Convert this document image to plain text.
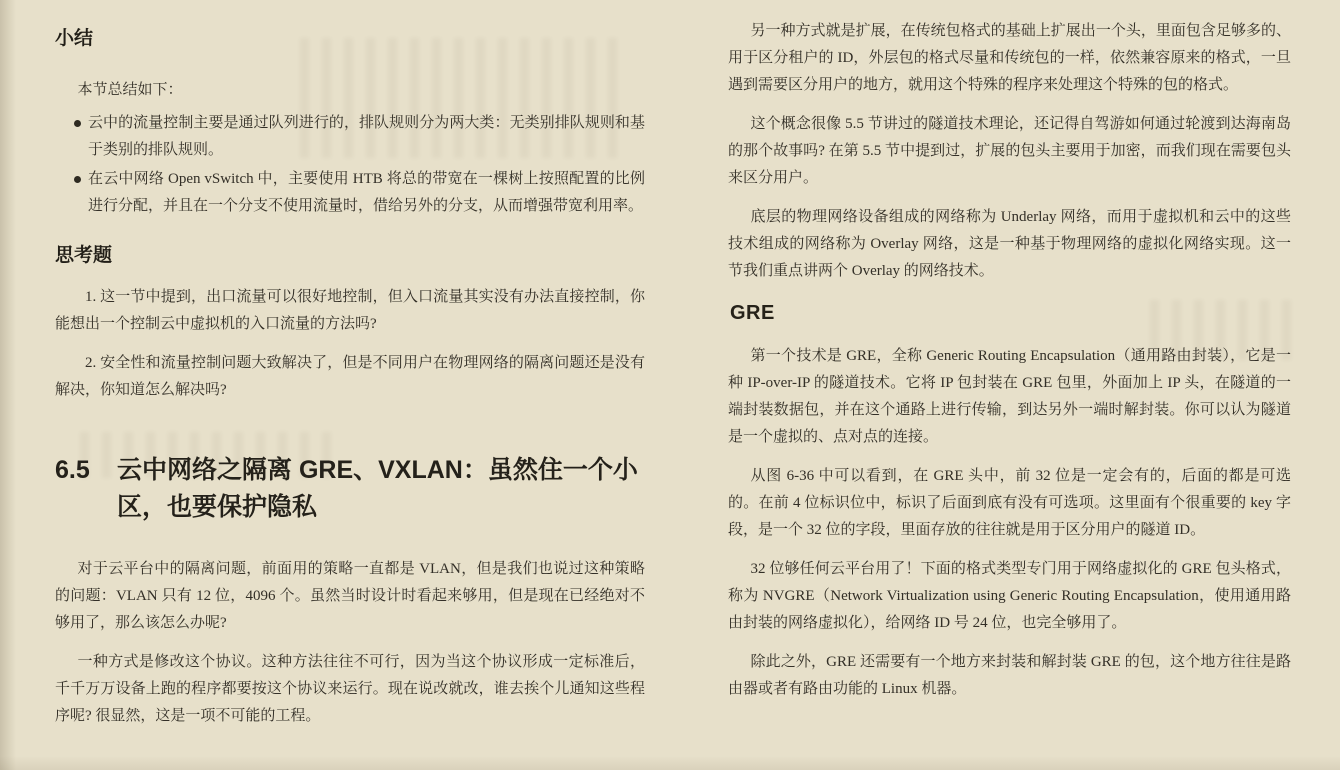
小结

本节总结如下：

云中的流量控制主要是通过队列进行的，排队规则分为两大类：无类别排队规则和基于类别的排队规则。
在云中网络 Open vSwitch 中，主要使用 HTB 将总的带宽在一棵树上按照配置的比例进行分配，并且在一个分支不使用流量时，借给另外的分支，从而增强带宽利用率。
思考题

1. 这一节中提到，出口流量可以很好地控制，但入口流量其实没有办法直接控制，你能想出一个控制云中虚拟机的入口流量的方法吗?

2. 安全性和流量控制问题大致解决了，但是不同用户在物理网络的隔离问题还是没有解决，你知道怎么解决吗?

6.5	云中网络之隔离 GRE、VXLAN：虽然住一个小区，也要保护隐私

对于云平台中的隔离问题，前面用的策略一直都是 VLAN，但是我们也说过这种策略的问题：VLAN 只有 12 位，4096 个。虽然当时设计时看起来够用，但是现在已经绝对不够用了，那么该怎么办呢?

一种方式是修改这个协议。这种方法往往不可行，因为当这个协议形成一定标准后，千千万万设备上跑的程序都要按这个协议来运行。现在说改就改，谁去挨个儿通知这些程序呢? 很显然，这是一项不可能的工程。

另一种方式就是扩展，在传统包格式的基础上扩展出一个头，里面包含足够多的、用于区分租户的 ID，外层包的格式尽量和传统包的一样，依然兼容原来的格式，一旦遇到需要区分用户的地方，就用这个特殊的程序来处理这个特殊的包的格式。

这个概念很像 5.5 节讲过的隧道技术理论，还记得自驾游如何通过轮渡到达海南岛的那个故事吗? 在第 5.5 节中提到过，扩展的包头主要用于加密，而我们现在需要包头来区分用户。

底层的物理网络设备组成的网络称为 Underlay 网络，而用于虚拟机和云中的这些技术组成的网络称为 Overlay 网络，这是一种基于物理网络的虚拟化网络实现。这一节我们重点讲两个 Overlay 的网络技术。

GRE

第一个技术是 GRE，全称 Generic Routing Encapsulation（通用路由封装），它是一种 IP-over-IP 的隧道技术。它将 IP 包封装在 GRE 包里，外面加上 IP 头，在隧道的一端封装数据包，并在这个通路上进行传输，到达另外一端时解封装。你可以认为隧道是一个虚拟的、点对点的连接。

从图 6-36 中可以看到，在 GRE 头中，前 32 位是一定会有的，后面的都是可选的。在前 4 位标识位中，标识了后面到底有没有可选项。这里面有个很重要的 key 字段，是一个 32 位的字段，里面存放的往往就是用于区分用户的隧道 ID。

32 位够任何云平台用了！下面的格式类型专门用于网络虚拟化的 GRE 包头格式，称为 NVGRE（Network Virtualization using Generic Routing Encapsulation，使用通用路由封装的网络虚拟化），给网络 ID 号 24 位，也完全够用了。

除此之外，GRE 还需要有一个地方来封装和解封装 GRE 的包，这个地方往往是路由器或者有路由功能的 Linux 机器。
